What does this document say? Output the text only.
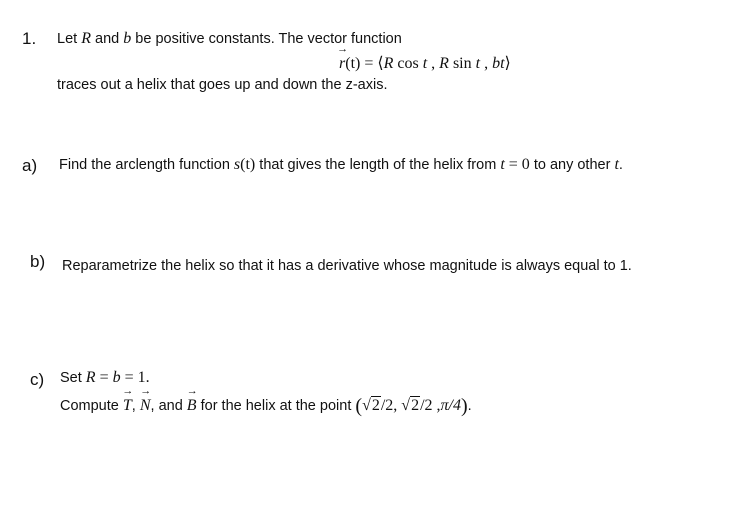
1. Let R and b be positive constants. The vector function
→ r(t) = ⟨R cos t , R sin t , bt⟩
traces out a helix that goes up and down the z-axis.
a) Find the arclength function s(t) that gives the length of the helix from t = 0 to any other t.
b) Reparametrize the helix so that it has a derivative whose magnitude is always equal to 1.
c) Set R = b = 1.
Compute → T, → N, and → B for the helix at the point (√2/2, √2/2 ,π/4).
